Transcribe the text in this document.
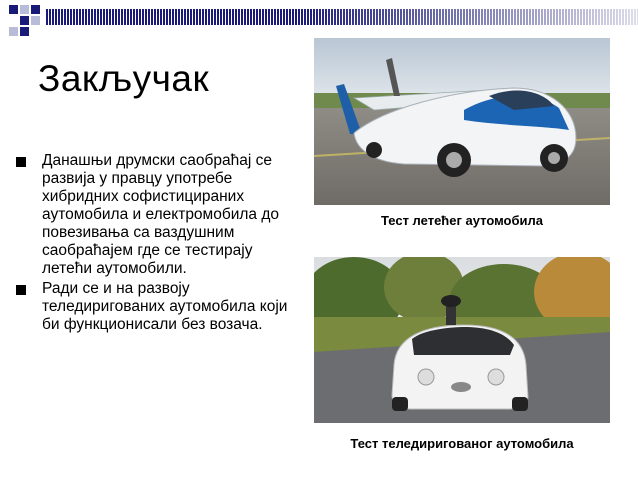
Закључак
Данашњи друмски саобраћај се развија у правцу употребе хибридних софистицираних аутомобила и електромобила до повезивања са ваздушним саобраћајем где се тестирају летећи аутомобили.
Ради се и на развоју теледиригованих аутомобила који би функционисали без возача.
Тест летећег аутомобила
Тест теледиригованог аутомобила
